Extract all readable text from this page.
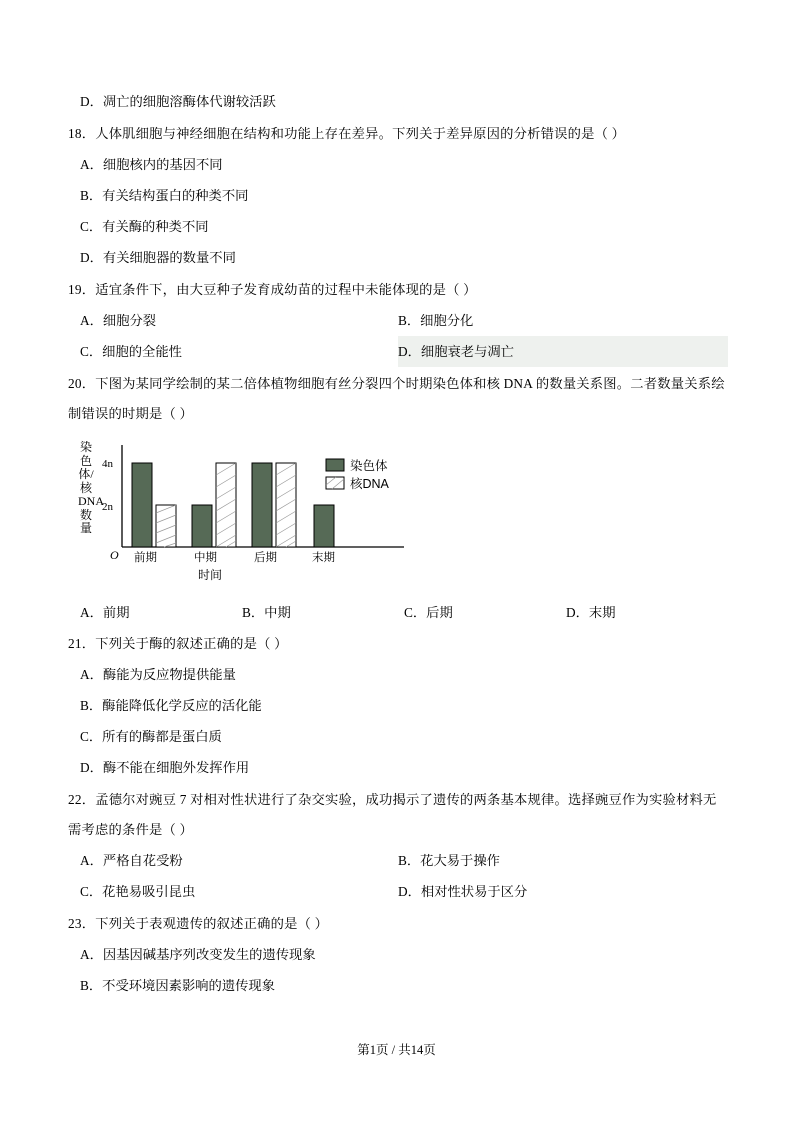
D．凋亡的细胞溶酶体代谢较活跃
18．人体肌细胞与神经细胞在结构和功能上存在差异。下列关于差异原因的分析错误的是（ ）
A．细胞核内的基因不同
B．有关结构蛋白的种类不同
C．有关酶的种类不同
D．有关细胞器的数量不同
19．适宜条件下，由大豆种子发育成幼苗的过程中未能体现的是（ ）
A．细胞分裂	B．细胞分化
C．细胞的全能性	D．细胞衰老与凋亡
20．下图为某同学绘制的某二倍体植物细胞有丝分裂四个时期染色体和核 DNA 的数量关系图。二者数量关系绘制错误的时期是（ ）
染色体/核DNA数量
4n
2n
O 前期	中期	后期	末期
时间
染色体
核DNA
A．前期	B．中期	C．后期	D．末期
21．下列关于酶的叙述正确的是（ ）
A．酶能为反应物提供能量
B．酶能降低化学反应的活化能
C．所有的酶都是蛋白质
D．酶不能在细胞外发挥作用
22．孟德尔对豌豆 7 对相对性状进行了杂交实验，成功揭示了遗传的两条基本规律。选择豌豆作为实验材料无需考虑的条件是（ ）
A．严格自花受粉	B．花大易于操作
C．花艳易吸引昆虫	D．相对性状易于区分
23．下列关于表观遗传的叙述正确的是（ ）
A．因基因碱基序列改变发生的遗传现象
B．不受环境因素影响的遗传现象
第1页 / 共14页
